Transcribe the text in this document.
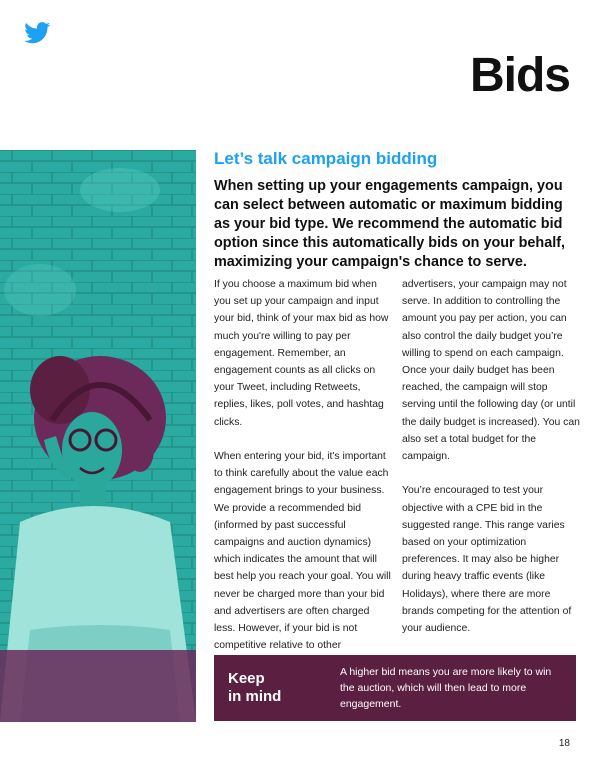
Bids
Let’s talk campaign bidding
When setting up your engagements campaign, you can select between automatic or maximum bidding as your bid type. We recommend the automatic bid option since this automatically bids on your behalf, maximizing your campaign's chance to serve.

If you choose a maximum bid when you set up your campaign and input your bid, think of your max bid as how much you're willing to pay per engagement. Remember, an engagement counts as all clicks on your Tweet, including Retweets, replies, likes, poll votes, and hashtag clicks.

When entering your bid, it's important to think carefully about the value each engagement brings to your business. We provide a recommended bid (informed by past successful campaigns and auction dynamics) which indicates the amount that will best help you reach your goal. You will never be charged more than your bid and advertisers are often charged less. However, if your bid is not competitive relative to other

advertisers, your campaign may not serve. In addition to controlling the amount you pay per action, you can also control the daily budget you’re willing to spend on each campaign. Once your daily budget has been reached, the campaign will stop serving until the following day (or until the daily budget is increased). You can also set a total budget for the campaign.

You’re encouraged to test your objective with a CPE bid in the suggested range. This range varies based on your optimization preferences. It may also be higher during heavy traffic events (like Holidays), where there are more brands competing for the attention of your audience.

Keep
in mind
A higher bid means you are more likely to win the auction, which will then lead to more engagement.
18
